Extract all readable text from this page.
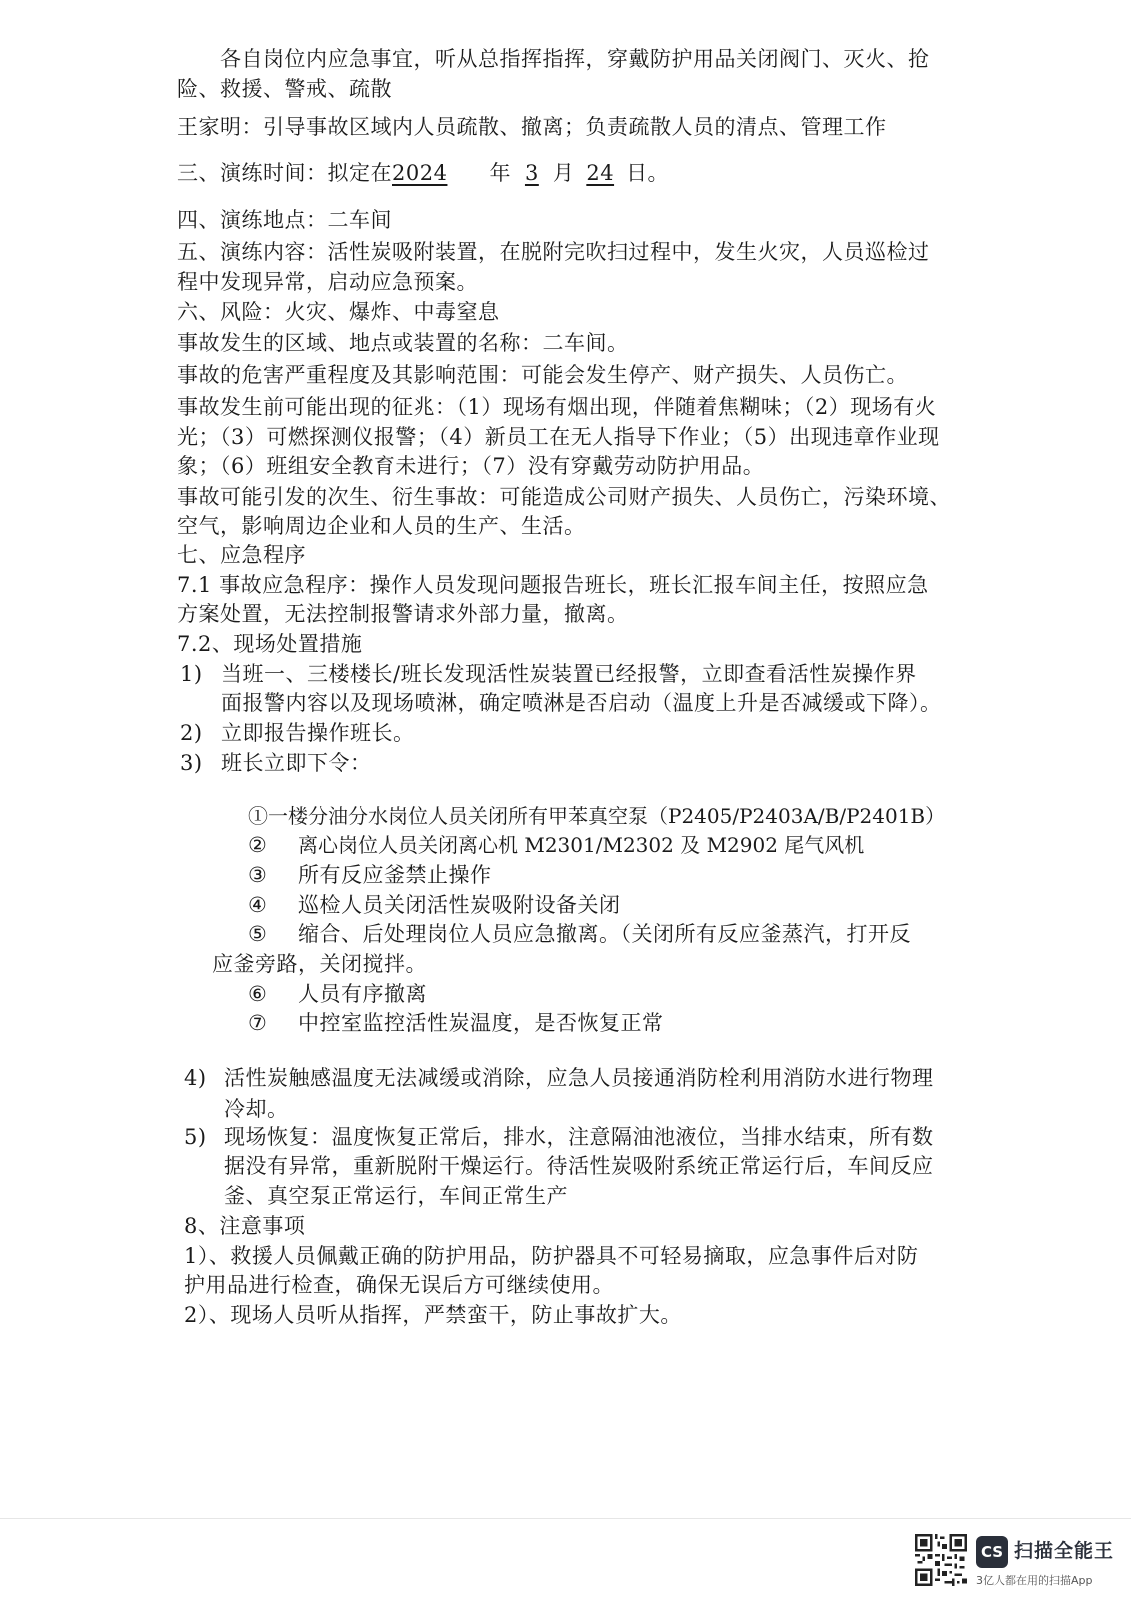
各自岗位内应急事宜，听从总指挥指挥，穿戴防护用品关闭阀门、灭火、抢
险、救援、警戒、疏散
王家明：引导事故区域内人员疏散、撤离；负责疏散人员的清点、管理工作
三、演练时间：拟定在2024 年 3 月 24 日。
四、演练地点：二车间
五、演练内容：活性炭吸附装置，在脱附完吹扫过程中，发生火灾，人员巡检过
程中发现异常，启动应急预案。
六、风险：火灾、爆炸、中毒窒息
事故发生的区域、地点或装置的名称：二车间。
事故的危害严重程度及其影响范围：可能会发生停产、财产损失、人员伤亡。
事故发生前可能出现的征兆：（1）现场有烟出现，伴随着焦糊味；（2）现场有火
光；（3）可燃探测仪报警；（4）新员工在无人指导下作业；（5）出现违章作业现
象；（6）班组安全教育未进行；（7）没有穿戴劳动防护用品。
事故可能引发的次生、衍生事故：可能造成公司财产损失、人员伤亡，污染环境、
空气，影响周边企业和人员的生产、生活。
七、应急程序
7.1 事故应急程序：操作人员发现问题报告班长，班长汇报车间主任，按照应急
方案处置，无法控制报警请求外部力量，撤离。
7.2、现场处置措施
1) 当班一、三楼楼长/班长发现活性炭装置已经报警，立即查看活性炭操作界
面报警内容以及现场喷淋，确定喷淋是否启动（温度上升是否减缓或下降）。
2) 立即报告操作班长。
3) 班长立即下令：
①一楼分油分水岗位人员关闭所有甲苯真空泵（P2405/P2403A/B/P2401B）
② 离心岗位人员关闭离心机 M2301/M2302 及 M2902 尾气风机
③ 所有反应釜禁止操作
④ 巡检人员关闭活性炭吸附设备关闭
⑤ 缩合、后处理岗位人员应急撤离。（关闭所有反应釜蒸汽，打开反
应釜旁路，关闭搅拌。
⑥ 人员有序撤离
⑦ 中控室监控活性炭温度，是否恢复正常
4) 活性炭触感温度无法减缓或消除，应急人员接通消防栓利用消防水进行物理
冷却。
5) 现场恢复：温度恢复正常后，排水，注意隔油池液位，当排水结束，所有数
据没有异常，重新脱附干燥运行。待活性炭吸附系统正常运行后，车间反应
釜、真空泵正常运行，车间正常生产
8、注意事项
1）、救援人员佩戴正确的防护用品，防护器具不可轻易摘取，应急事件后对防
护用品进行检查，确保无误后方可继续使用。
2）、现场人员听从指挥，严禁蛮干，防止事故扩大。
CS 扫描全能王
3亿人都在用的扫描App
